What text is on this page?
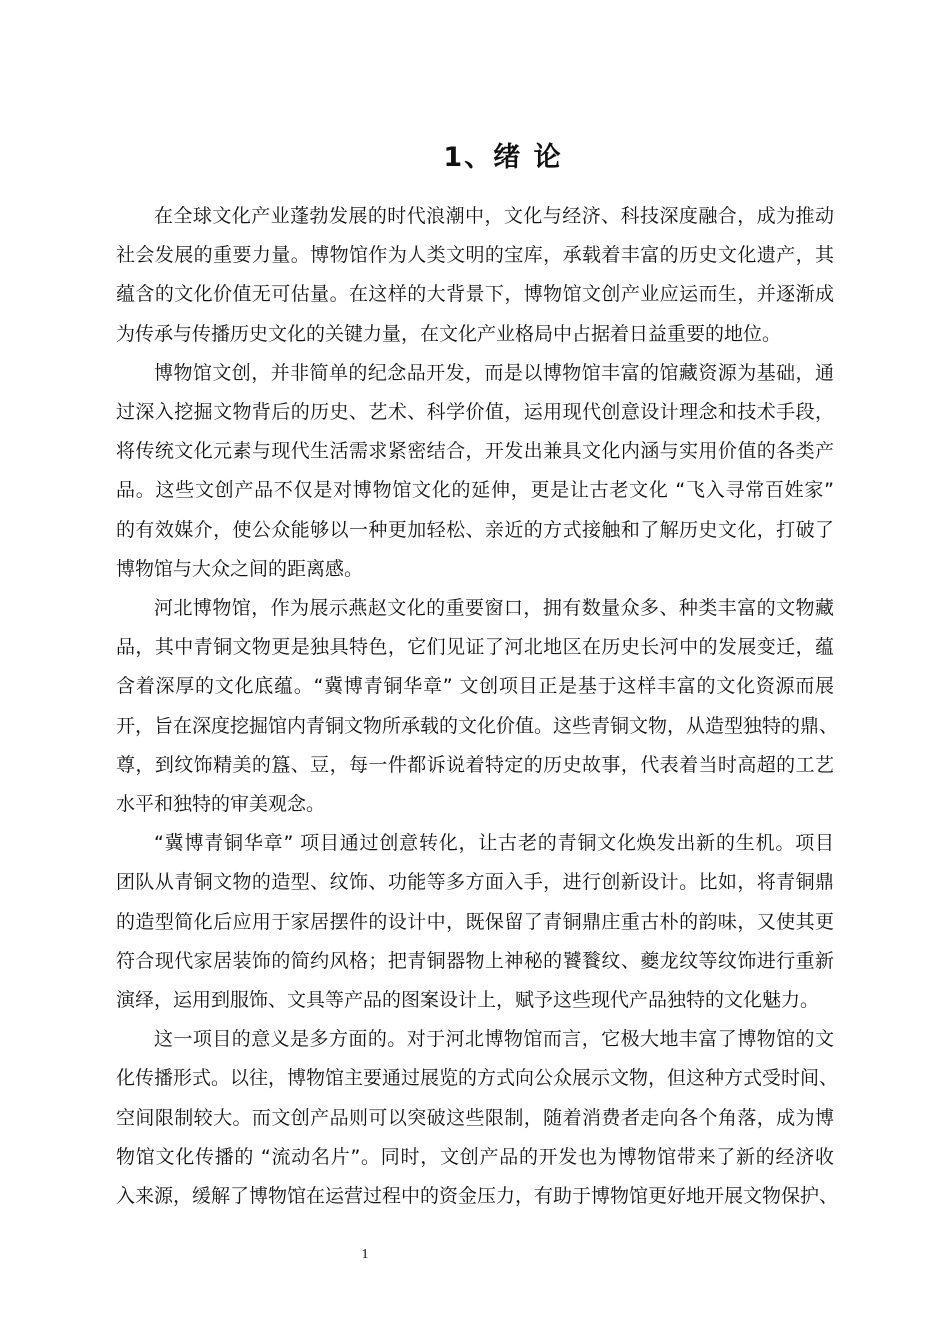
1、绪 论
在全球文化产业蓬勃发展的时代浪潮中，文化与经济、科技深度融合，成为推动
社会发展的重要力量。博物馆作为人类文明的宝库，承载着丰富的历史文化遗产，其
蕴含的文化价值无可估量。在这样的大背景下，博物馆文创产业应运而生，并逐渐成
为传承与传播历史文化的关键力量，在文化产业格局中占据着日益重要的地位。
博物馆文创，并非简单的纪念品开发，而是以博物馆丰富的馆藏资源为基础，通
过深入挖掘文物背后的历史、艺术、科学价值，运用现代创意设计理念和技术手段，
将传统文化元素与现代生活需求紧密结合，开发出兼具文化内涵与实用价值的各类产
品。这些文创产品不仅是对博物馆文化的延伸，更是让古老文化 “飞入寻常百姓家”
的有效媒介，使公众能够以一种更加轻松、亲近的方式接触和了解历史文化，打破了
博物馆与大众之间的距离感。
河北博物馆，作为展示燕赵文化的重要窗口，拥有数量众多、种类丰富的文物藏
品，其中青铜文物更是独具特色，它们见证了河北地区在历史长河中的发展变迁，蕴
含着深厚的文化底蕴。“冀博青铜华章” 文创项目正是基于这样丰富的文化资源而展
开，旨在深度挖掘馆内青铜文物所承载的文化价值。这些青铜文物，从造型独特的鼎、
尊，到纹饰精美的簋、豆，每一件都诉说着特定的历史故事，代表着当时高超的工艺
水平和独特的审美观念。
“冀博青铜华章” 项目通过创意转化，让古老的青铜文化焕发出新的生机。项目
团队从青铜文物的造型、纹饰、功能等多方面入手，进行创新设计。比如，将青铜鼎
的造型简化后应用于家居摆件的设计中，既保留了青铜鼎庄重古朴的韵味，又使其更
符合现代家居装饰的简约风格；把青铜器物上神秘的饕餮纹、夔龙纹等纹饰进行重新
演绎，运用到服饰、文具等产品的图案设计上，赋予这些现代产品独特的文化魅力。
这一项目的意义是多方面的。对于河北博物馆而言，它极大地丰富了博物馆的文
化传播形式。以往，博物馆主要通过展览的方式向公众展示文物，但这种方式受时间、
空间限制较大。而文创产品则可以突破这些限制，随着消费者走向各个角落，成为博
物馆文化传播的 “流动名片”。同时，文创产品的开发也为博物馆带来了新的经济收
入来源，缓解了博物馆在运营过程中的资金压力，有助于博物馆更好地开展文物保护、
1
